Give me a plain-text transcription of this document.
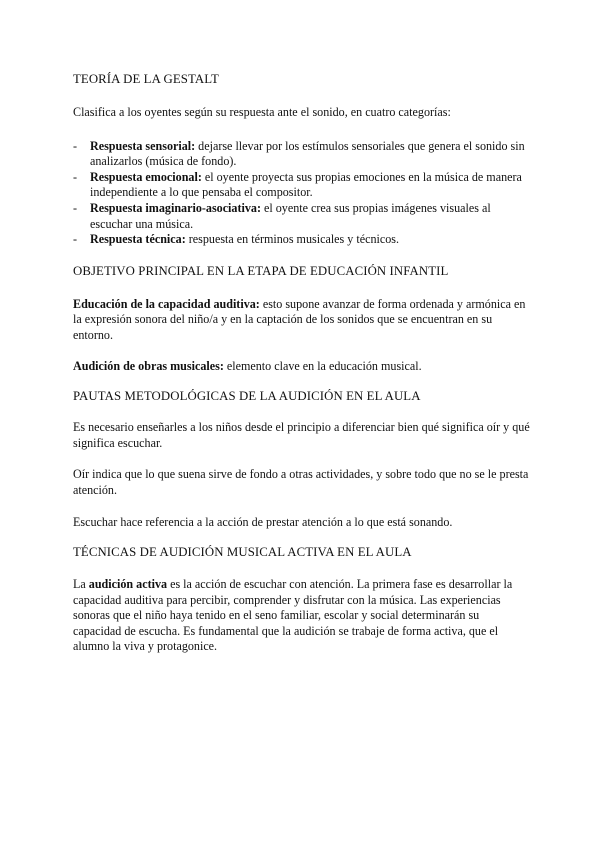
TEORÍA DE LA GESTALT

Clasifica a los oyentes según su respuesta ante el sonido, en cuatro categorías:

- Respuesta sensorial: dejarse llevar por los estímulos sensoriales que genera el sonido sin analizarlos (música de fondo).
- Respuesta emocional: el oyente proyecta sus propias emociones en la música de manera independiente a lo que pensaba el compositor.
- Respuesta imaginario-asociativa: el oyente crea sus propias imágenes visuales al escuchar una música.
- Respuesta técnica: respuesta en términos musicales y técnicos.
OBJETIVO PRINCIPAL EN LA ETAPA DE EDUCACIÓN INFANTIL

Educación de la capacidad auditiva: esto supone avanzar de forma ordenada y armónica en la expresión sonora del niño/a y en la captación de los sonidos que se encuentran en su entorno.

Audición de obras musicales: elemento clave en la educación musical.

PAUTAS METODOLÓGICAS DE LA AUDICIÓN EN EL AULA

Es necesario enseñarles a los niños desde el principio a diferenciar bien qué significa oír y qué significa escuchar.

Oír indica que lo que suena sirve de fondo a otras actividades, y sobre todo que no se le presta atención.

Escuchar hace referencia a la acción de prestar atención a lo que está sonando.

TÉCNICAS DE AUDICIÓN MUSICAL ACTIVA EN EL AULA

La audición activa es la acción de escuchar con atención. La primera fase es desarrollar la capacidad auditiva para percibir, comprender y disfrutar con la música. Las experiencias sonoras que el niño haya tenido en el seno familiar, escolar y social determinarán su capacidad de escucha. Es fundamental que la audición se trabaje de forma activa, que el alumno la viva y protagonice.
